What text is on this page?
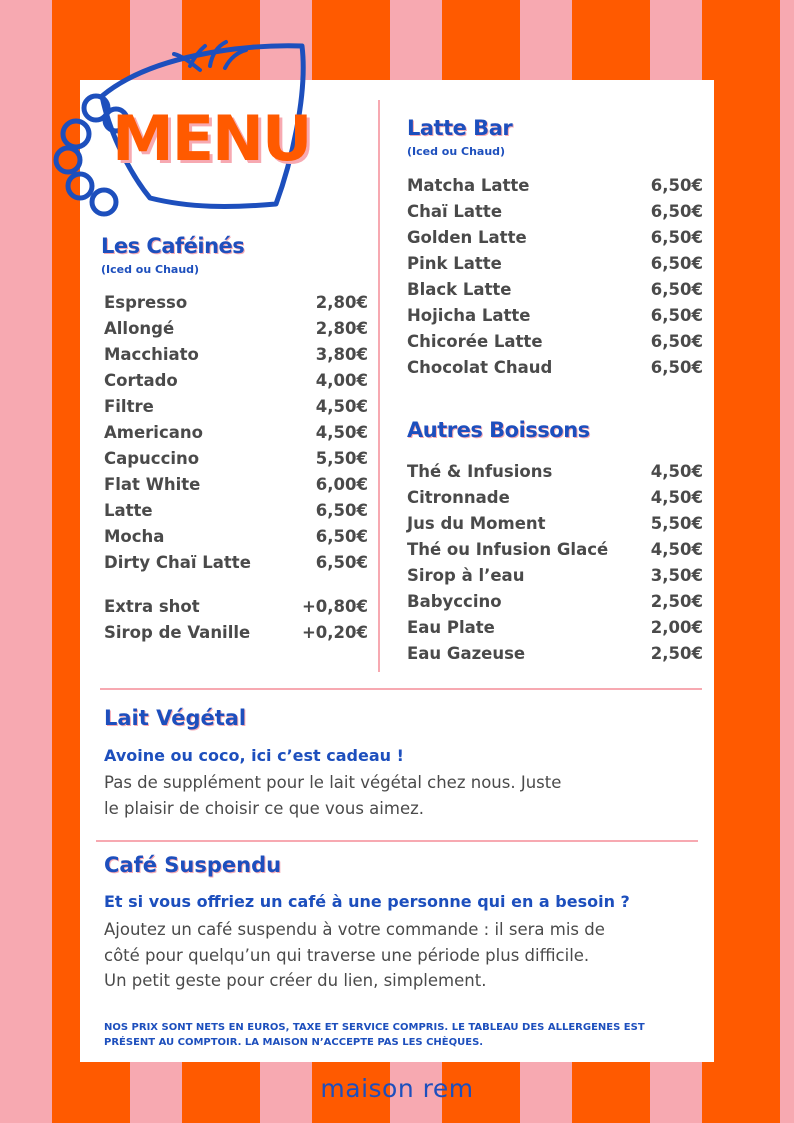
MENU
Les Caféinés
(Iced ou Chaud)
Espresso	2,80€
Allongé	2,80€
Macchiato	3,80€
Cortado	4,00€
Filtre	4,50€
Americano	4,50€
Capuccino	5,50€
Flat White	6,00€
Latte	6,50€
Mocha	6,50€
Dirty Chaï Latte	6,50€
Extra shot	+0,80€
Sirop de Vanille	+0,20€
Latte Bar
(Iced ou Chaud)
Matcha Latte	6,50€
Chaï Latte	6,50€
Golden Latte	6,50€
Pink Latte	6,50€
Black Latte	6,50€
Hojicha Latte	6,50€
Chicorée Latte	6,50€
Chocolat Chaud	6,50€
Autres Boissons
Thé & Infusions	4,50€
Citronnade	4,50€
Jus du Moment	5,50€
Thé ou Infusion Glacé	4,50€
Sirop à l’eau	3,50€
Babyccino	2,50€
Eau Plate	2,00€
Eau Gazeuse	2,50€
Lait Végétal
Avoine ou coco, ici c’est cadeau !
Pas de supplément pour le lait végétal chez nous. Juste
le plaisir de choisir ce que vous aimez.
Café Suspendu
Et si vous offriez un café à une personne qui en a besoin ?
Ajoutez un café suspendu à votre commande : il sera mis de
côté pour quelqu’un qui traverse une période plus difficile.
Un petit geste pour créer du lien, simplement.
NOS PRIX SONT NETS EN EUROS, TAXE ET SERVICE COMPRIS. LE TABLEAU DES ALLERGENES EST
PRÉSENT AU COMPTOIR. LA MAISON N’ACCEPTE PAS LES CHÈQUES.
maison rem
